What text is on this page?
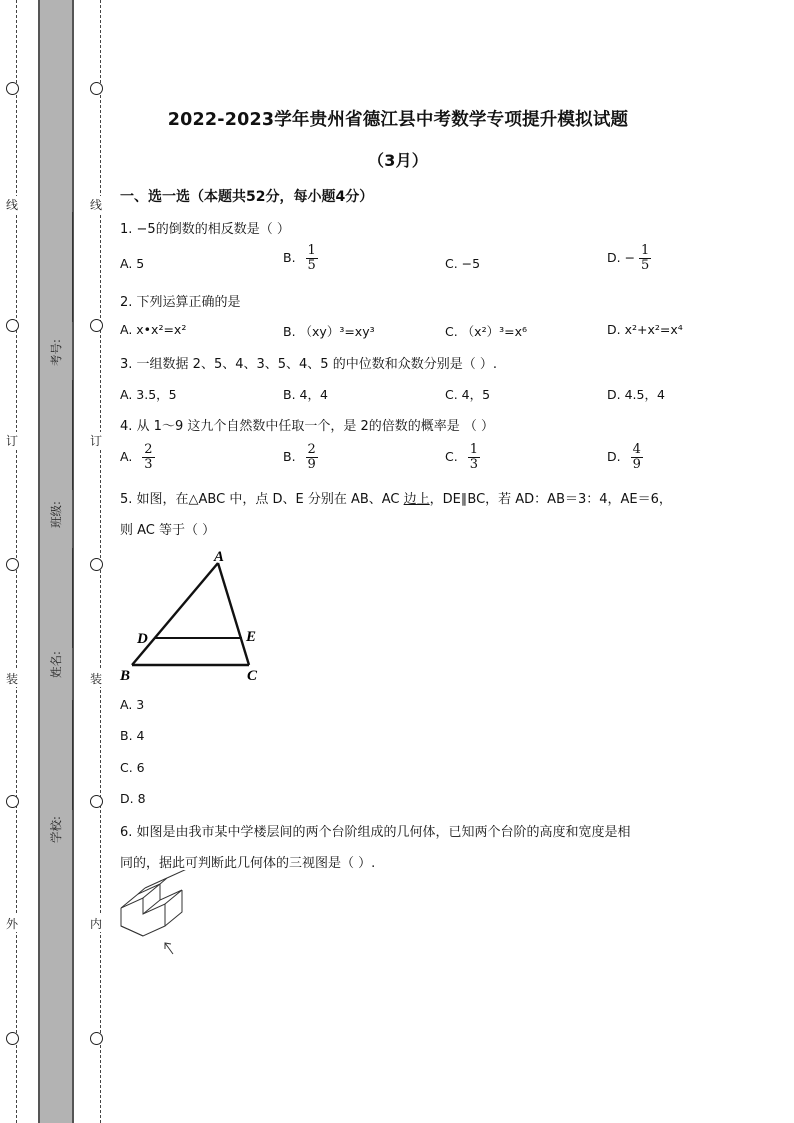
线
订
装
外
线
订
装
内
考号:
班级:
姓名:
学校:
2022-2023学年贵州省德江县中考数学专项提升模拟试题
（3月）
一、选一选（本题共52分，每小题4分）
1. −5的倒数的相反数是（ ）
A. 5	B. $\frac{1}{5}$	C. −5	D. − $\frac{1}{5}$
2. 下列运算正确的是
A. x•x²=x²	B. （xy）³=xy³	C. （x²）³=x⁶	D. x²+x²=x⁴
3. 一组数据 2、5、4、3、5、4、5 的中位数和众数分别是（ ）.
A. 3.5，5	B. 4，4	C. 4，5	D. 4.5，4
4. 从 1～9 这九个自然数中任取一个，是 2的倍数的概率是 （ ）
A. $\frac{2}{3}$	B. $\frac{2}{9}$	C. $\frac{1}{3}$	D. $\frac{4}{9}$
5. 如图，在△ABC 中，点 D、E 分别在 AB、AC 边上，DE∥BC，若 AD：AB＝3：4，AE＝6，
则 AC 等于（ ）
A
D	E
B	C
A. 3
B. 4
C. 6
D. 8
6. 如图是由我市某中学楼层间的两个台阶组成的几何体，已知两个台阶的高度和宽度是相
同的，据此可判断此几何体的三视图是（ ）.
